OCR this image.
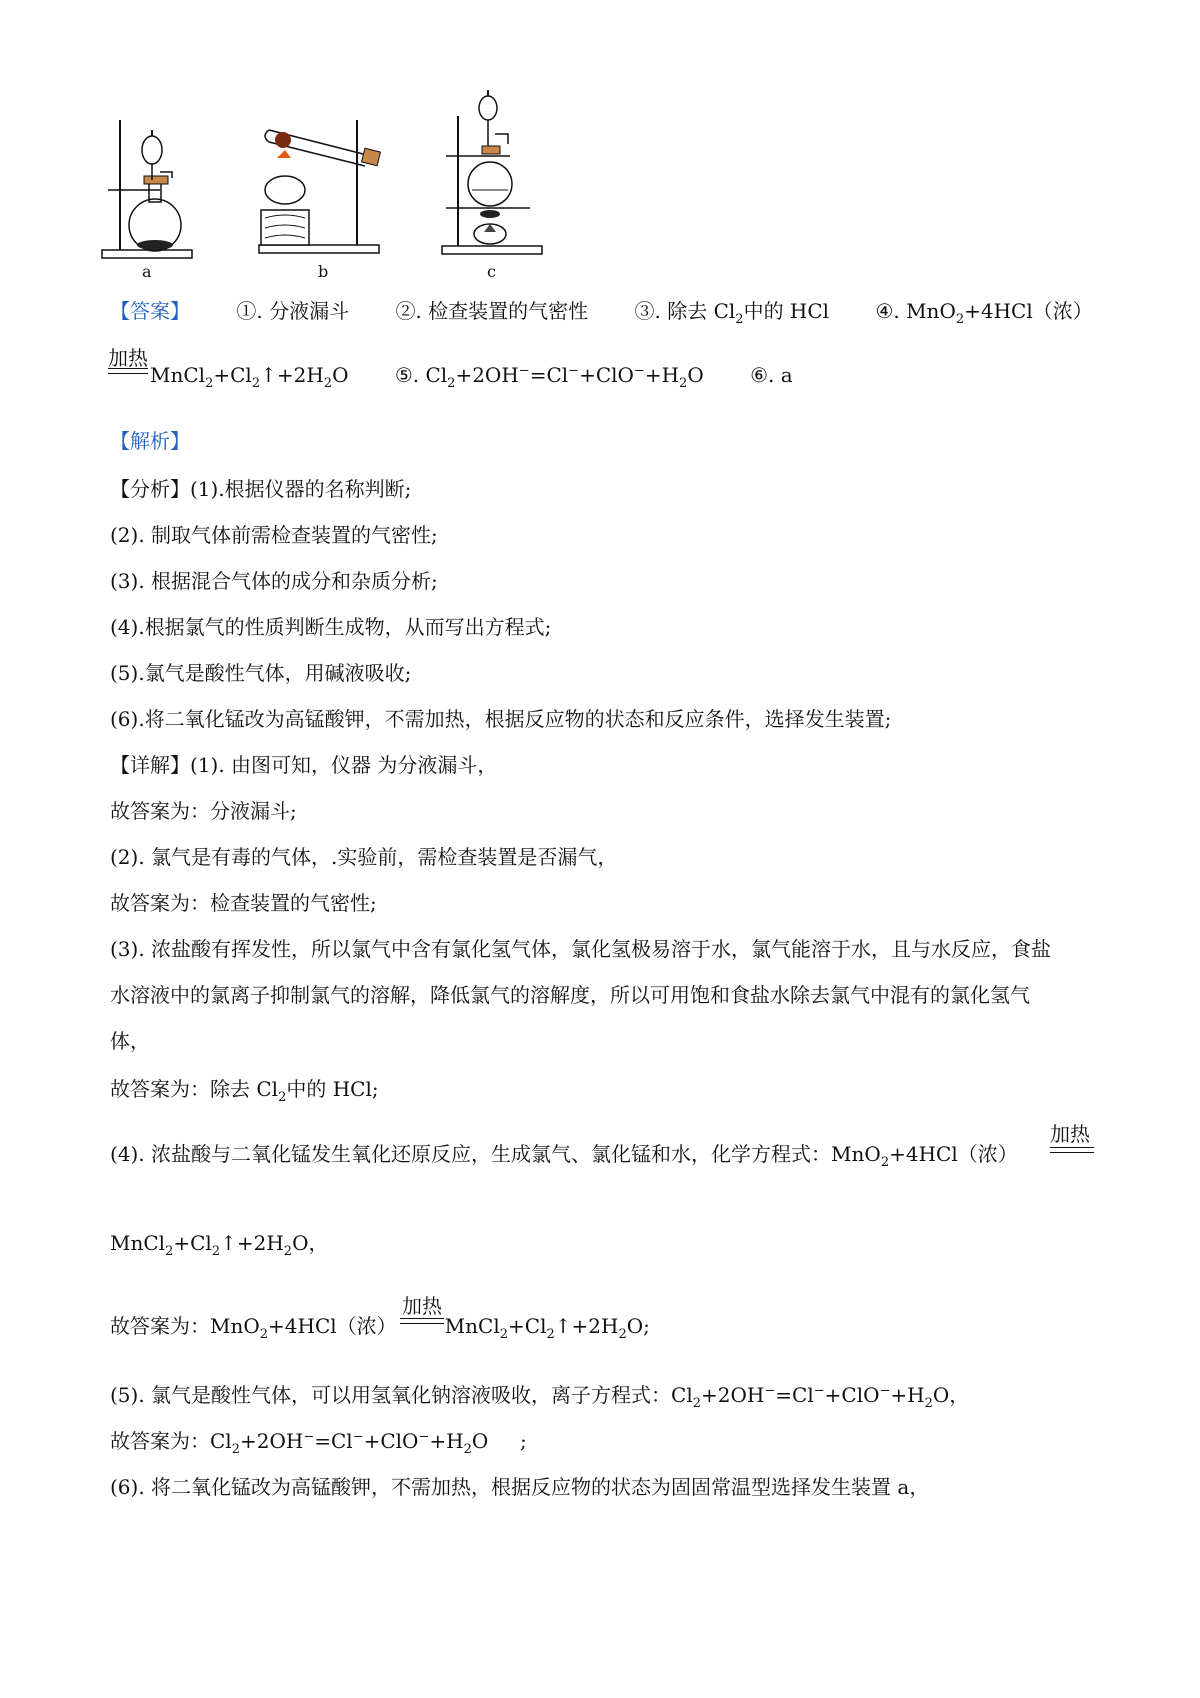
a	b	c
【答案】 ①. 分液漏斗 ②. 检查装置的气密性 ③. 除去 $Cl_2$中的 HCl ④. MnO$_2$+4HCl（浓）
加热
$MnCl_2+Cl_2↑+2H_2O$ ⑤. $Cl_2+2OH^-=Cl^-+ClO^-+H_2O$ ⑥. a
【解析】
【分析】(1).根据仪器的名称判断;
(2). 制取气体前需检查装置的气密性;
(3). 根据混合气体的成分和杂质分析;
(4).根据氯气的性质判断生成物，从而写出方程式;
(5).氯气是酸性气体，用碱液吸收;
(6).将二氧化锰改为高锰酸钾，不需加热，根据反应物的状态和反应条件，选择发生装置;
【详解】(1). 由图可知，仪器 为分液漏斗，
故答案为：分液漏斗;
(2). 氯气是有毒的气体，.实验前，需检查装置是否漏气，
故答案为：检查装置的气密性;
(3). 浓盐酸有挥发性，所以氯气中含有氯化氢气体，氯化氢极易溶于水，氯气能溶于水，且与水反应，食盐
水溶液中的氯离子抑制氯气的溶解，降低氯气的溶解度，所以可用饱和食盐水除去氯气中混有的氯化氢气
体，
故答案为：除去 $Cl_2$中的 HCl;
(4). 浓盐酸与二氧化锰发生氧化还原反应，生成氯气、氯化锰和水，化学方程式：MnO$_2$+4HCl（浓）
加热
$MnCl_2+Cl_2↑+2H_2O$，
故答案为：MnO$_2$+4HCl（浓） $MnCl_2+Cl_2↑+2H_2O$;
加热
(5). 氯气是酸性气体，可以用氢氧化钠溶液吸收，离子方程式：$Cl_2+2OH^-=Cl^-+ClO^-+H_2O$，
故答案为：$Cl_2+2OH^-=Cl^-+ClO^-+H_2O$     ;
(6). 将二氧化锰改为高锰酸钾，不需加热，根据反应物的状态为固固常温型选择发生装置 a，
